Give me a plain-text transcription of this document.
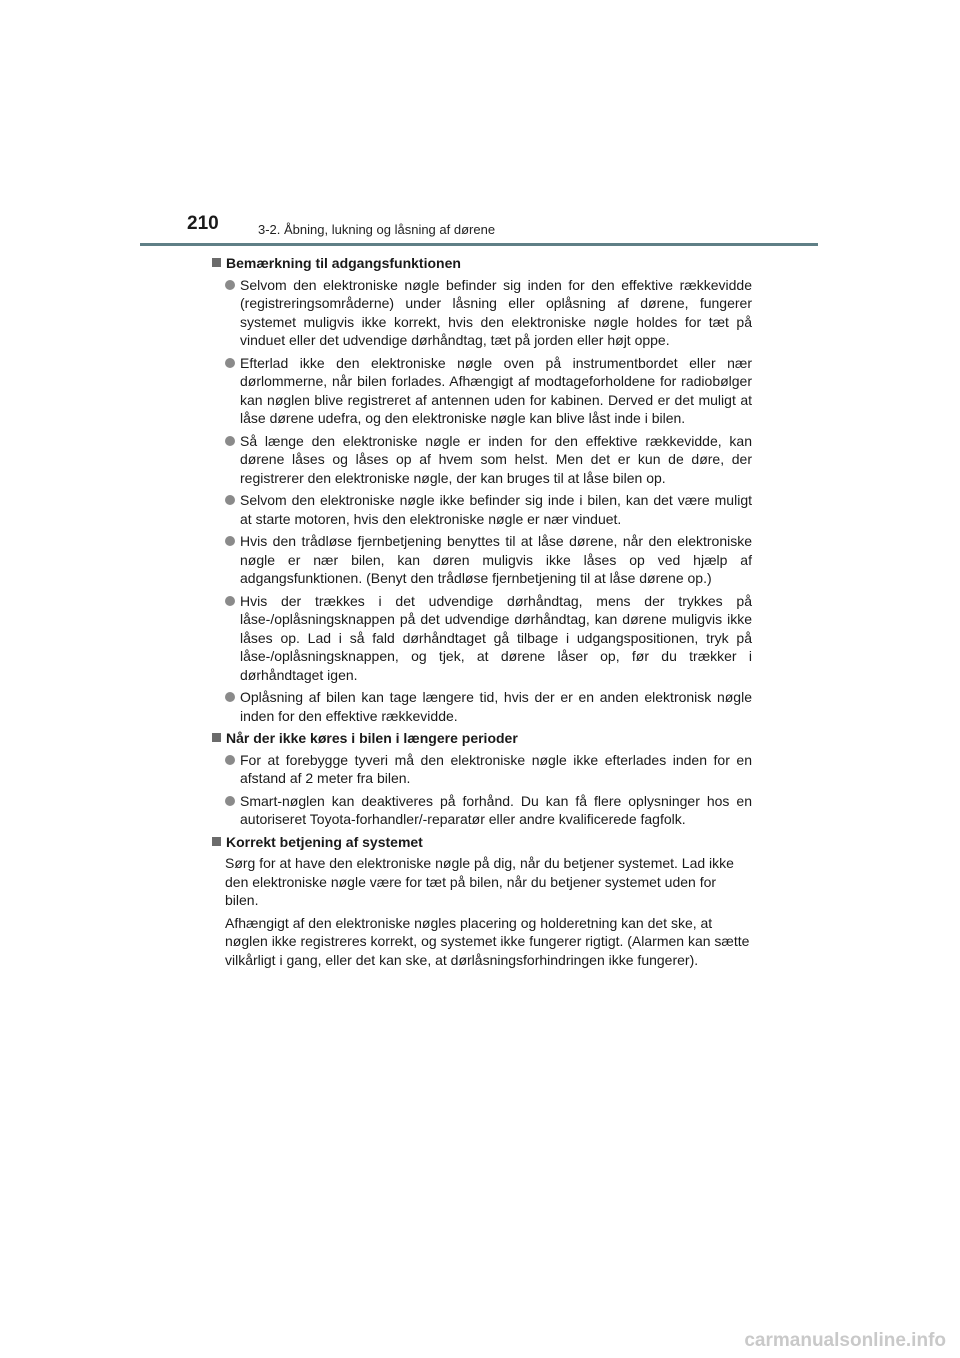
210	3-2. Åbning, lukning og låsning af dørene
Bemærkning til adgangsfunktionen
Selvom den elektroniske nøgle befinder sig inden for den effektive rækkevidde (registreringsområderne) under låsning eller oplåsning af dørene, fungerer systemet muligvis ikke korrekt, hvis den elektroniske nøgle holdes for tæt på vinduet eller det udvendige dørhåndtag, tæt på jorden eller højt oppe.
Efterlad ikke den elektroniske nøgle oven på instrumentbordet eller nær dørlommerne, når bilen forlades. Afhængigt af modtageforholdene for radiobølger kan nøglen blive registreret af antennen uden for kabinen. Derved er det muligt at låse dørene udefra, og den elektroniske nøgle kan blive låst inde i bilen.
Så længe den elektroniske nøgle er inden for den effektive rækkevidde, kan dørene låses og låses op af hvem som helst. Men det er kun de døre, der registrerer den elektroniske nøgle, der kan bruges til at låse bilen op.
Selvom den elektroniske nøgle ikke befinder sig inde i bilen, kan det være muligt at starte motoren, hvis den elektroniske nøgle er nær vinduet.
Hvis den trådløse fjernbetjening benyttes til at låse dørene, når den elektroniske nøgle er nær bilen, kan døren muligvis ikke låses op ved hjælp af adgangsfunktionen. (Benyt den trådløse fjernbetjening til at låse dørene op.)
Hvis der trækkes i det udvendige dørhåndtag, mens der trykkes på låse-/oplåsningsknappen på det udvendige dørhåndtag, kan dørene muligvis ikke låses op. Lad i så fald dørhåndtaget gå tilbage i udgangspositionen, tryk på låse-/oplåsningsknappen, og tjek, at dørene låser op, før du trækker i dørhåndtaget igen.
Oplåsning af bilen kan tage længere tid, hvis der er en anden elektronisk nøgle inden for den effektive rækkevidde.
Når der ikke køres i bilen i længere perioder
For at forebygge tyveri må den elektroniske nøgle ikke efterlades inden for en afstand af 2 meter fra bilen.
Smart-nøglen kan deaktiveres på forhånd. Du kan få flere oplysninger hos en autoriseret Toyota-forhandler/-reparatør eller andre kvalificerede fagfolk.
Korrekt betjening af systemet
Sørg for at have den elektroniske nøgle på dig, når du betjener systemet. Lad ikke den elektroniske nøgle være for tæt på bilen, når du betjener systemet uden for bilen.
Afhængigt af den elektroniske nøgles placering og holderetning kan det ske, at nøglen ikke registreres korrekt, og systemet ikke fungerer rigtigt. (Alarmen kan sætte vilkårligt i gang, eller det kan ske, at dørlåsningsforhindringen ikke fungerer).
carmanualsonline.info
